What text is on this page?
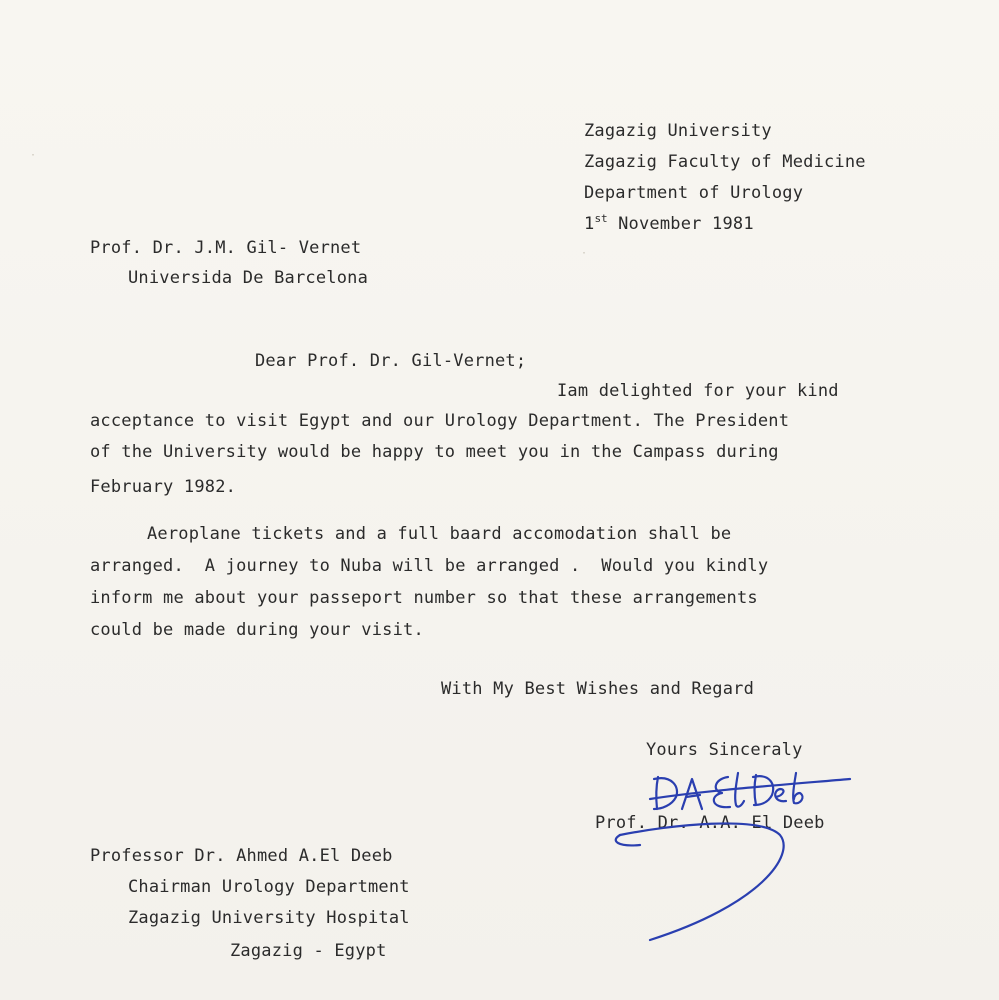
Zagazig University
Zagazig Faculty of Medicine
Department of Urology
1st November 1981
Prof. Dr. J.M. Gil- Vernet
Universida De Barcelona
Dear Prof. Dr. Gil-Vernet;
Iam delighted for your kind
acceptance to visit Egypt and our Urology Department. The President
of the University would be happy to meet you in the Campass during
February 1982.
Aeroplane tickets and a full baard accomodation shall be
arranged.  A journey to Nuba will be arranged .  Would you kindly
inform me about your passeport number so that these arrangements
could be made during your visit.
With My Best Wishes and Regard
Yours Sinceraly
Prof. Dr. A.A. El Deeb
Professor Dr. Ahmed A.El Deeb
Chairman Urology Department
Zagazig University Hospital
Zagazig - Egypt
·
·
